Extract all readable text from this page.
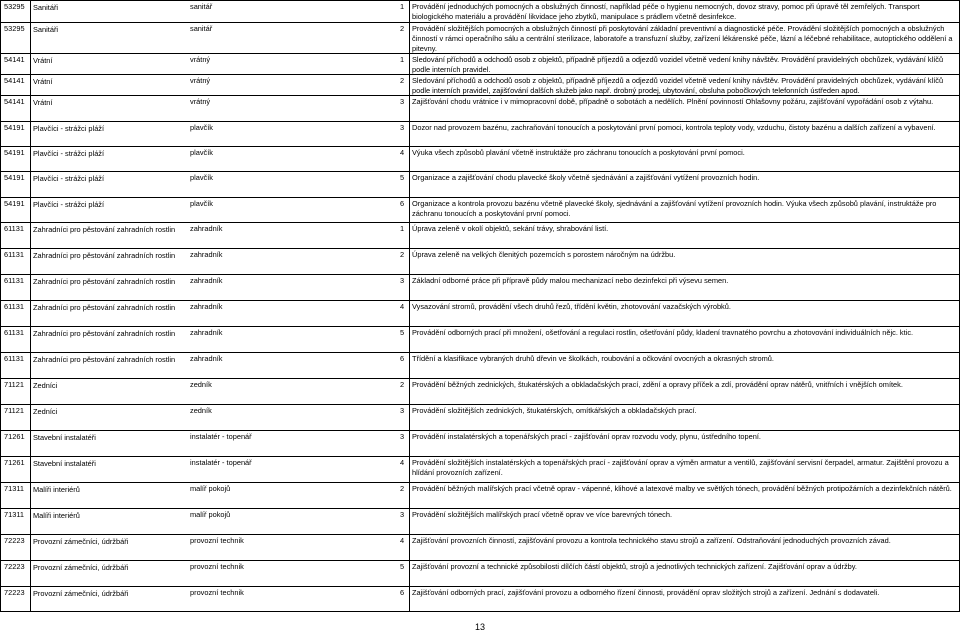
53295	Sanitáři	sanitář	1	Provádění jednoduchých pomocných a obslužných činností, například péče o hygienu nemocných, dovoz stravy, pomoc při úpravě těl zemřelých. Transport biologického materiálu a provádění likvidace jeho zbytků, manipulace s prádlem včetně desinfekce.
53295	Sanitáři	sanitář	2	Provádění složitějších pomocných a obslužných činností při poskytování základní preventivní a diagnostické péče. Provádění složitějších pomocných a obslužných činností v rámci operačního sálu a centrální sterilizace, laboratoře a transfuzní služby, zařízení lékárenské péče, lázní a léčebné rehabilitace, autoptického oddělení a pitevny.
54141	Vrátní	vrátný	1	Sledování příchodů a odchodů osob z objektů, případně příjezdů a odjezdů vozidel včetně vedení knihy návštěv. Provádění pravidelných obchůzek, vydávání klíčů podle interních pravidel.
54141	Vrátní	vrátný	2	Sledování příchodů a odchodů osob z objektů, případně příjezdů a odjezdů vozidel včetně vedení knihy návštěv. Provádění pravidelných obchůzek, vydávání klíčů podle interních pravidel, zajišťování dalších služeb jako např. drobný prodej, ubytování, obsluha pobočkových telefonních ústředen apod.
54141	Vrátní	vrátný	3	Zajišťování chodu vrátnice i v mimopracovní době, případně o sobotách a nedělích. Plnění povinností Ohlašovny požáru, zajišťování vypořádání osob z výtahu.
54191	Plavčíci - strážci pláží	plavčík	3	Dozor nad provozem bazénu, zachraňování tonoucích a poskytování první pomoci, kontrola teploty vody, vzduchu, čistoty bazénu a dalších zařízení a vybavení.
54191	Plavčíci - strážci pláží	plavčík	4	Výuka všech způsobů plavání včetně instruktáže pro záchranu tonoucích a poskytování první pomoci.
54191	Plavčíci - strážci pláží	plavčík	5	Organizace a zajišťování chodu plavecké školy včetně sjednávání a zajišťování vytížení provozních hodin.
54191	Plavčíci - strážci pláží	plavčík	6	Organizace a kontrola provozu bazénu včetně plavecké školy, sjednávání a zajišťování vytížení provozních hodin. Výuka všech způsobů plavání, instruktáže pro záchranu tonoucích a poskytování první pomoci.
61131	Zahradníci pro pěstování zahradních rostlin	zahradník	1	Úprava zeleně v okolí objektů, sekání trávy, shrabování listí.
61131	Zahradníci pro pěstování zahradních rostlin	zahradník	2	Úprava zeleně na velkých členitých pozemcích s porostem náročným na údržbu.
61131	Zahradníci pro pěstování zahradních rostlin	zahradník	3	Základní odborné práce při přípravě půdy malou mechanizací nebo dezinfekci při výsevu semen.
61131	Zahradníci pro pěstování zahradních rostlin	zahradník	4	Vysazování stromů, provádění všech druhů řezů, třídění květin, zhotovování vazačských výrobků.
61131	Zahradníci pro pěstování zahradních rostlin	zahradník	5	Provádění odborných prací při množení, ošetřování a regulaci rostlin, ošetřování půdy, kladení travnatého povrchu a zhotovování individuálních nějc. ktic.
61131	Zahradníci pro pěstování zahradních rostlin	zahradník	6	Třídění a klasifikace vybraných druhů dřevin ve školkách, roubování a očkování ovocných a okrasných stromů.
71121	Zedníci	zedník	2	Provádění běžných zednických, štukatérských a obkladačských prací, zdění a opravy příček a zdí, provádění oprav nátěrů, vnitřních i vnějších omítek.
71121	Zedníci	zedník	3	Provádění složitějších zednických, štukatérských, omítkářských a obkladačských prací.
71261	Stavební instalatéři	instalatér - topenář	3	Provádění instalatérských a topenářských prací - zajišťování oprav rozvodu vody, plynu, ústředního topení.
71261	Stavební instalatéři	instalatér - topenář	4	Provádění složitějších instalatérských a topenářských prací - zajišťování oprav a výměn armatur a ventilů, zajišťování servisní čerpadel, armatur. Zajištění provozu a hlídání provozních zařízení.
71311	Malíři interiérů	malíř pokojů	2	Provádění běžných malířských prací včetně oprav - vápenné, klihové a latexové malby ve světlých tónech, provádění běžných protipožárních a dezinfekčních nátěrů.
71311	Malíři interiérů	malíř pokojů	3	Provádění složitějších malířských prací včetně oprav ve více barevných tónech.
72223	Provozní zámečníci, údržbáři	provozní technik	4	Zajišťování provozních činností, zajišťování provozu a kontrola technického stavu strojů a zařízení. Odstraňování jednoduchých provozních závad.
72223	Provozní zámečníci, údržbáři	provozní technik	5	Zajišťování provozní a technické způsobilosti dílčích částí objektů, strojů a jednotlivých technických zařízení. Zajišťování oprav a údržby.
72223	Provozní zámečníci, údržbáři	provozní technik	6	Zajišťování odborných prací, zajišťování provozu a odborného řízení činnosti, provádění oprav složitých strojů a zařízení. Jednání s dodavateli.
13
